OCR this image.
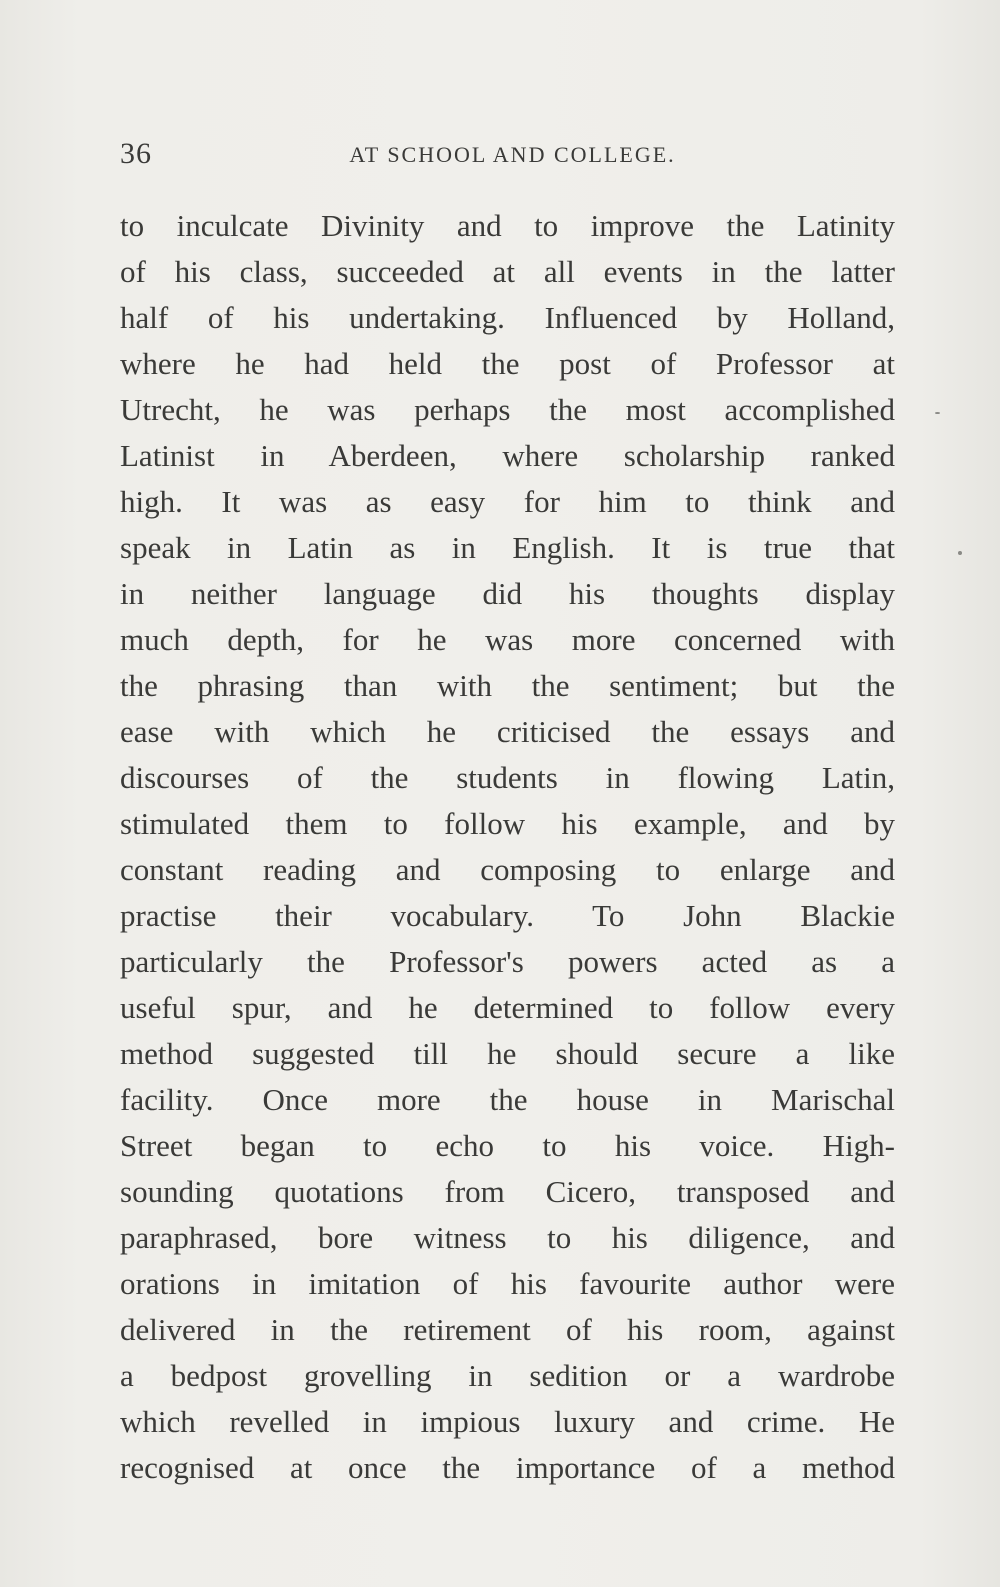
36	AT SCHOOL AND COLLEGE.
to inculcate Divinity and to improve the Latinity
of his class, succeeded at all events in the latter
half of his undertaking. Influenced by Holland,
where he had held the post of Professor at
Utrecht, he was perhaps the most accomplished
Latinist in Aberdeen, where scholarship ranked
high. It was as easy for him to think and
speak in Latin as in English. It is true that
in neither language did his thoughts display
much depth, for he was more concerned with
the phrasing than with the sentiment; but the
ease with which he criticised the essays and
discourses of the students in flowing Latin,
stimulated them to follow his example, and by
constant reading and composing to enlarge and
practise their vocabulary. To John Blackie
particularly the Professor's powers acted as a
useful spur, and he determined to follow every
method suggested till he should secure a like
facility. Once more the house in Marischal
Street began to echo to his voice. High-
sounding quotations from Cicero, transposed and
paraphrased, bore witness to his diligence, and
orations in imitation of his favourite author were
delivered in the retirement of his room, against
a bedpost grovelling in sedition or a wardrobe
which revelled in impious luxury and crime. He
recognised at once the importance of a method
